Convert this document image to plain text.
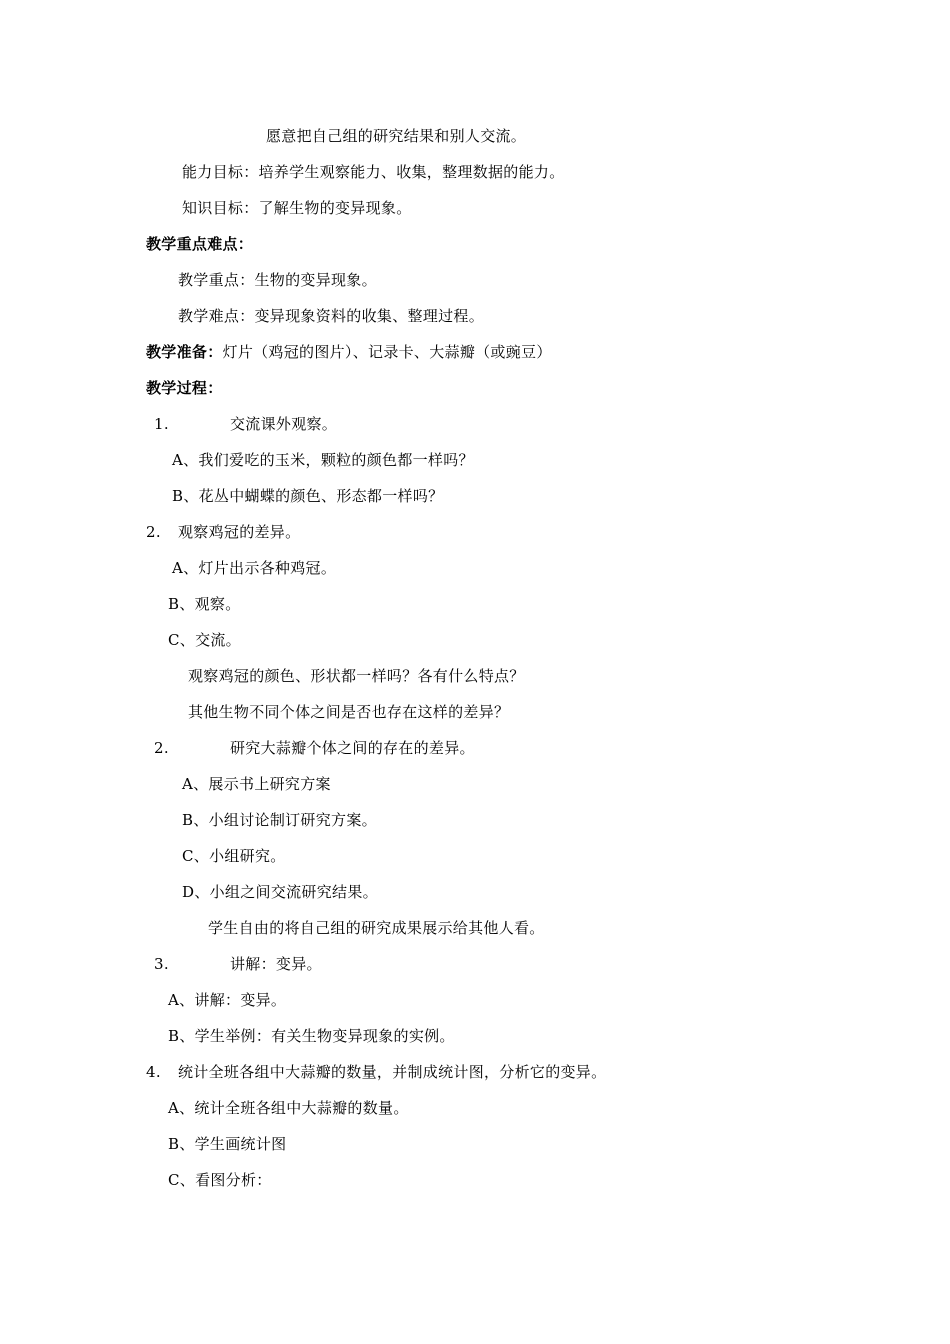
愿意把自己组的研究结果和别人交流。
能力目标：培养学生观察能力、收集，整理数据的能力。
知识目标：了解生物的变异现象。
教学重点难点：
教学重点：生物的变异现象。
教学难点：变异现象资料的收集、整理过程。
教学准备：灯片（鸡冠的图片）、记录卡、大蒜瓣（或豌豆）
教学过程：
1.	交流课外观察。
A、我们爱吃的玉米，颗粒的颜色都一样吗？
B、花丛中蝴蝶的颜色、形态都一样吗？
2. 观察鸡冠的差异。
A、灯片出示各种鸡冠。
B、观察。
C、交流。
观察鸡冠的颜色、形状都一样吗？各有什么特点？
其他生物不同个体之间是否也存在这样的差异？
2.	研究大蒜瓣个体之间的存在的差异。
A、展示书上研究方案
B、小组讨论制订研究方案。
C、小组研究。
D、小组之间交流研究结果。
学生自由的将自己组的研究成果展示给其他人看。
3.	讲解：变异。
A、讲解：变异。
B、学生举例：有关生物变异现象的实例。
4. 统计全班各组中大蒜瓣的数量，并制成统计图，分析它的变异。
A、统计全班各组中大蒜瓣的数量。
B、学生画统计图
C、看图分析：
